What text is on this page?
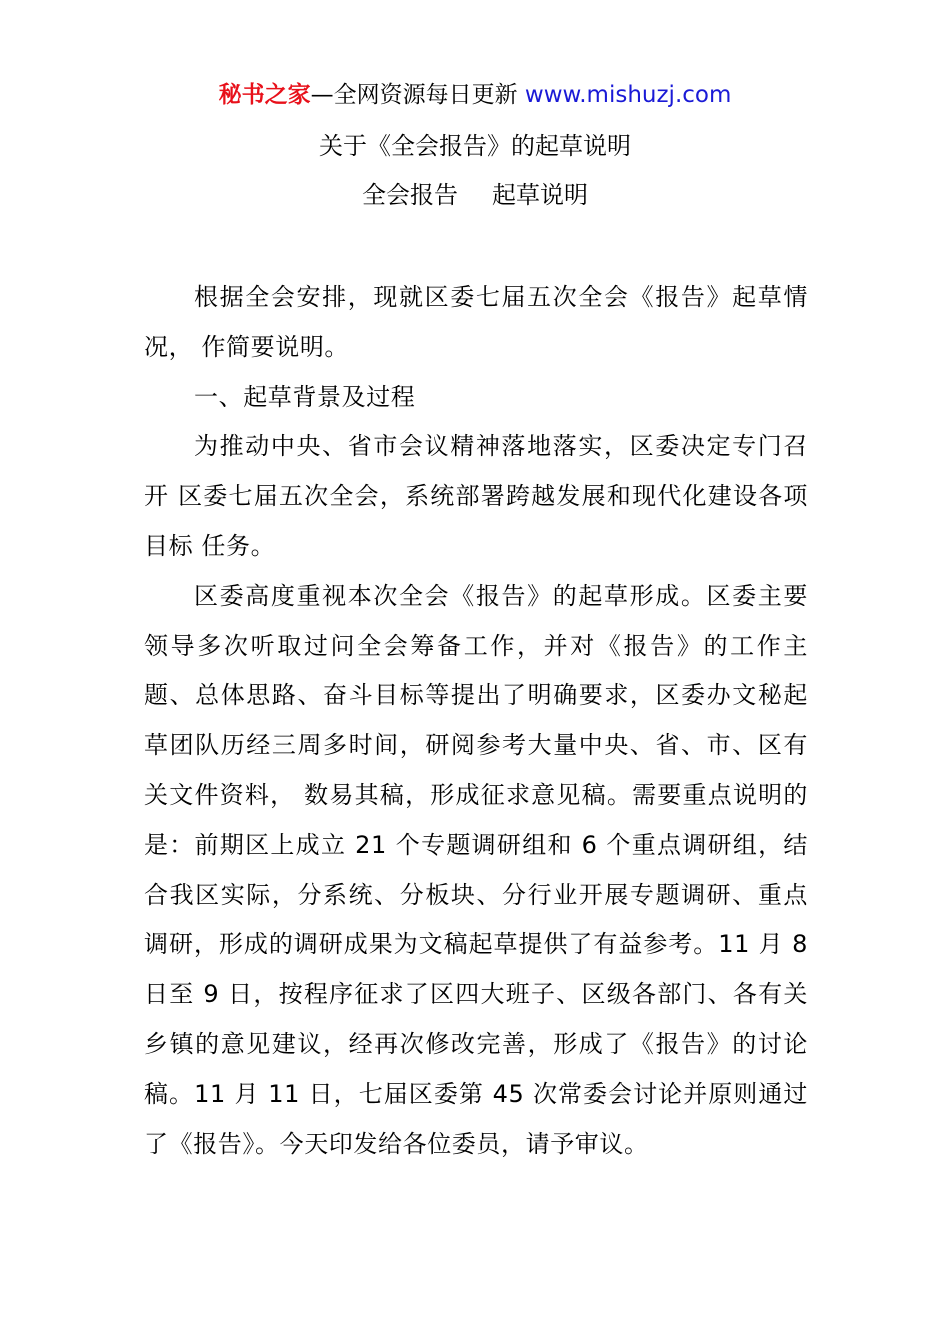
秘书之家—全网资源每日更新 www.mishuzj.com
关于《全会报告》的起草说明
全会报告 起草说明

根据全会安排，现就区委七届五次全会《报告》起草情况， 作简要说明。

一、起草背景及过程

为推动中央、省市会议精神落地落实，区委决定专门召开 区委七届五次全会，系统部署跨越发展和现代化建设各项目标 任务。

区委高度重视本次全会《报告》的起草形成。区委主要领导多次听取过问全会筹备工作，并对《报告》的工作主题、总体思路、奋斗目标等提出了明确要求，区委办文秘起草团队历经三周多时间，研阅参考大量中央、省、市、区有关文件资料， 数易其稿，形成征求意见稿。需要重点说明的是：前期区上成立 21 个专题调研组和 6 个重点调研组，结合我区实际，分系统、分板块、分行业开展专题调研、重点调研，形成的调研成果为文稿起草提供了有益参考。11 月 8 日至 9 日，按程序征求了区四大班子、区级各部门、各有关乡镇的意见建议，经再次修改完善，形成了《报告》的讨论稿。11 月 11 日，七届区委第 45 次常委会讨论并原则通过了《报告》。今天印发给各位委员，请予审议。
